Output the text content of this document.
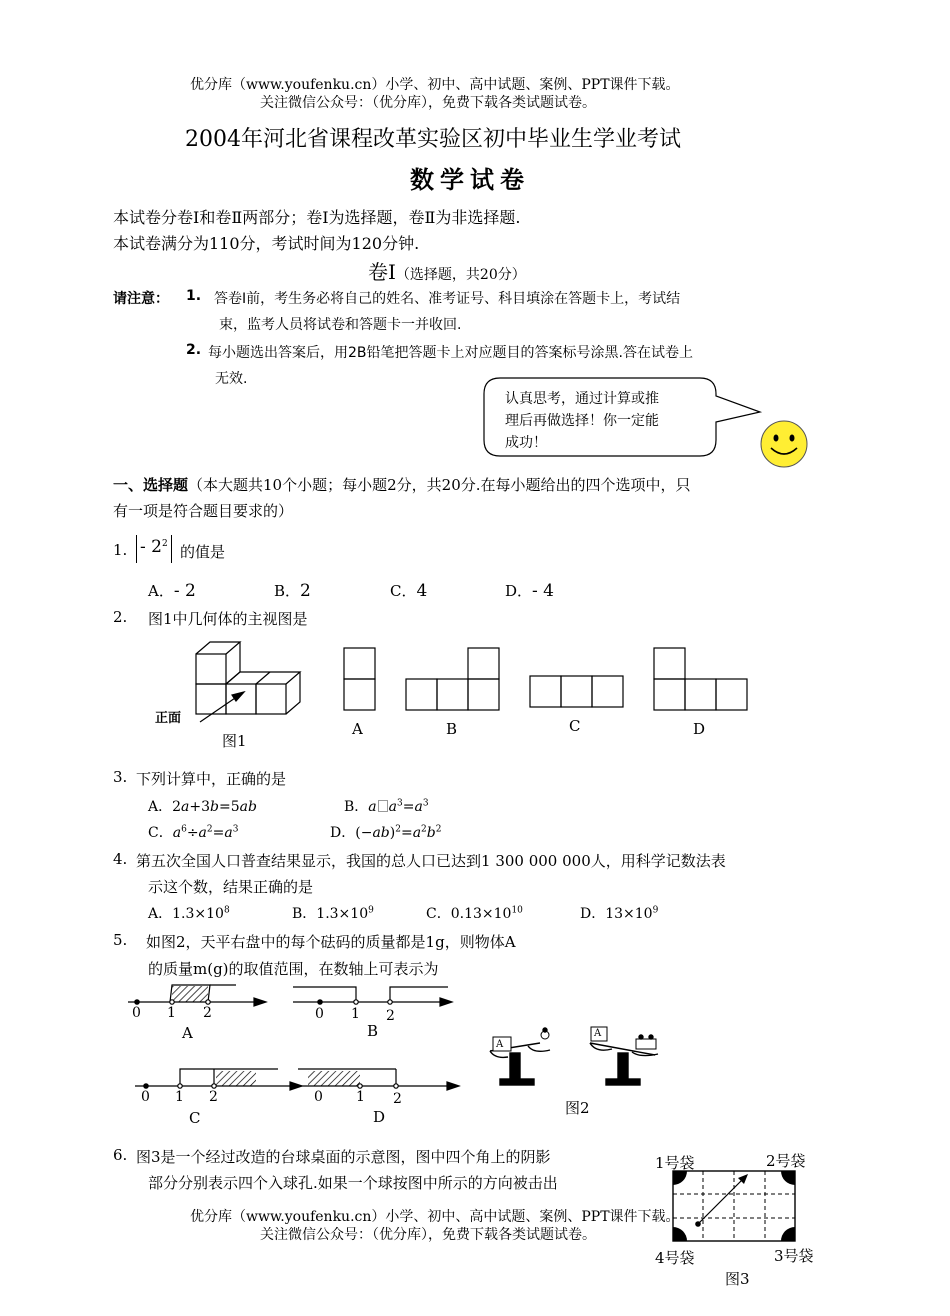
优分库（www.youfenku.cn）小学、初中、高中试题、案例、PPT课件下载。
关注微信公众号：（优分库），免费下载各类试题试卷。
2004年河北省课程改革实验区初中毕业生学业考试
数学试卷
本试卷分卷Ⅰ和卷Ⅱ两部分；卷Ⅰ为选择题，卷Ⅱ为非选择题.
本试卷满分为110分，考试时间为120分钟.
卷Ⅰ（选择题，共20分）
请注意： 1. 答卷Ⅰ前，考生务必将自己的姓名、准考证号、科目填涂在答题卡上，考试结
束，监考人员将试卷和答题卡一并收回.
2. 每小题选出答案后，用2B铅笔把答题卡上对应题目的答案标号涂黑.答在试卷上
无效.
认真思考，通过计算或推
理后再做选择！你一定能
成功！
一、选择题（本大题共10个小题；每小题2分，共20分.在每小题给出的四个选项中，只
有一项是符合题目要求的）
1. - $2^2$ 的值是
A．- 2	B．2	C．4	D．- 4
2. 图1中几何体的主视图是
正面
图1
A	B	C	D
3. 下列计算中，正确的是
A．2a+3b=5ab	B．a $a^3=a^3$
C．$a^6\div a^2=a^3$	D．$(-ab)^2=a^2b^2$
4. 第五次全国人口普查结果显示，我国的总人口已达到1 300 000 000人，用科学记数法表
示这个数，结果正确的是
A．$1.3\times 10^8$	B．$1.3\times 10^9$	C．$0.13\times 10^{10}$	D．$13\times 10^9$
5. 如图2，天平右盘中的每个砝码的质量都是1g，则物体A
的质量m(g)的取值范围，在数轴上可表示为
0 1 2
A
0 1 2
B
0 1 2
C
0 1 2
D
A
A
图2
6. 图3是一个经过改造的台球桌面的示意图，图中四个角上的阴影
部分分别表示四个入球孔.如果一个球按图中所示的方向被击出
1号袋	2号袋
3号袋
4号袋
图3
优分库（www.youfenku.cn）小学、初中、高中试题、案例、PPT课件下载。
关注微信公众号：（优分库），免费下载各类试题试卷。
